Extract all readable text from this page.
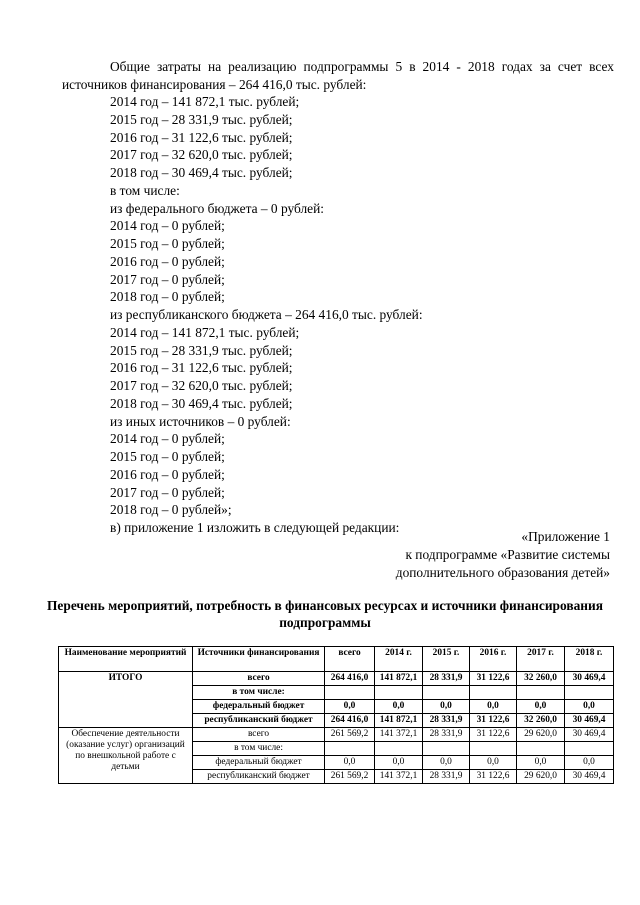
Общие затраты на реализацию подпрограммы 5 в 2014 - 2018 годах за счет всех источников финансирования – 264 416,0 тыс. рублей:
2014 год – 141 872,1 тыс. рублей;
2015 год – 28 331,9 тыс. рублей;
2016 год – 31 122,6 тыс. рублей;
2017 год – 32 620,0 тыс. рублей;
2018 год – 30 469,4 тыс. рублей;
в том числе:
из федерального бюджета – 0 рублей:
2014 год – 0 рублей;
2015 год – 0 рублей;
2016 год – 0 рублей;
2017 год – 0 рублей;
2018 год – 0 рублей;
из республиканского бюджета – 264 416,0 тыс. рублей:
2014 год – 141 872,1 тыс. рублей;
2015 год – 28 331,9 тыс. рублей;
2016 год – 31 122,6 тыс. рублей;
2017 год – 32 620,0 тыс. рублей;
2018 год – 30 469,4 тыс. рублей;
из иных источников – 0 рублей:
2014 год – 0 рублей;
2015 год – 0 рублей;
2016 год – 0 рублей;
2017 год – 0 рублей;
2018 год – 0 рублей»;
в) приложение 1 изложить в следующей редакции:
«Приложение 1
к подпрограмме «Развитие системы
дополнительного образования детей»
Перечень мероприятий, потребность в финансовых ресурсах и источники финансирования подпрограммы
Наименование мероприятий	Источники финансирования	всего	2014 г.	2015 г.	2016 г.	2017 г.	2018 г.
ИТОГО	всего	264 416,0	141 872,1	28 331,9	31 122,6	32 260,0	30 469,4
	в том числе:						
	федеральный бюджет	0,0	0,0	0,0	0,0	0,0	0,0
	республиканский бюджет	264 416,0	141 872,1	28 331,9	31 122,6	32 260,0	30 469,4
Обеспечение деятельности (оказание услуг) организаций по внешкольной работе с детьми	всего	261 569,2	141 372,1	28 331,9	31 122,6	29 620,0	30 469,4
	в том числе:						
	федеральный бюджет	0,0	0,0	0,0	0,0	0,0	0,0
	республиканский бюджет	261 569,2	141 372,1	28 331,9	31 122,6	29 620,0	30 469,4
